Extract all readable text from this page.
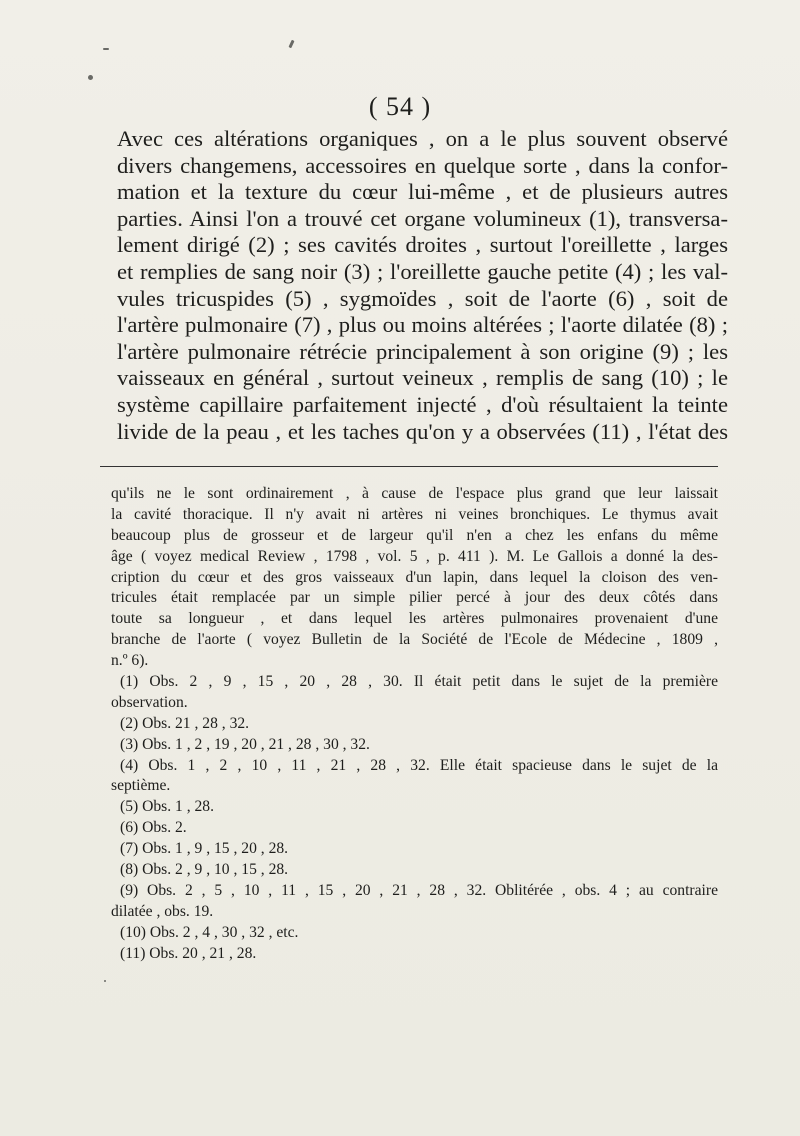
( 54 )
Avec ces altérations organiques , on a le plus souvent observé
divers changemens, accessoires en quelque sorte , dans la confor-
mation et la texture du cœur lui-même , et de plusieurs autres
parties. Ainsi l'on a trouvé cet organe volumineux (1), transversa-
lement dirigé (2) ; ses cavités droites , surtout l'oreillette , larges
et remplies de sang noir (3) ; l'oreillette gauche petite (4) ; les val-
vules tricuspides (5) , sygmoïdes , soit de l'aorte (6) , soit de
l'artère pulmonaire (7) , plus ou moins altérées ; l'aorte dilatée (8) ;
l'artère pulmonaire rétrécie principalement à son origine (9) ; les
vaisseaux en général , surtout veineux , remplis de sang (10) ; le
système capillaire parfaitement injecté , d'où résultaient la teinte
livide de la peau , et les taches qu'on y a observées (11) , l'état des
qu'ils ne le sont ordinairement , à cause de l'espace plus grand que leur laissait
la cavité thoracique. Il n'y avait ni artères ni veines bronchiques. Le thymus avait
beaucoup plus de grosseur et de largeur qu'il n'en a chez les enfans du même
âge ( voyez medical Review , 1798 , vol. 5 , p. 411 ). M. Le Gallois a donné la des-
cription du cœur et des gros vaisseaux d'un lapin, dans lequel la cloison des ven-
tricules était remplacée par un simple pilier percé à jour des deux côtés dans
toute sa longueur , et dans lequel les artères pulmonaires provenaient d'une
branche de l'aorte ( voyez Bulletin de la Société de l'Ecole de Médecine , 1809 ,
n.º 6).
(1) Obs. 2 , 9 , 15 , 20 , 28 , 30. Il était petit dans le sujet de la première
observation.
(2) Obs. 21 , 28 , 32.
(3) Obs. 1 , 2 , 19 , 20 , 21 , 28 , 30 , 32.
(4) Obs. 1 , 2 , 10 , 11 , 21 , 28 , 32. Elle était spacieuse dans le sujet de la
septième.
(5) Obs. 1 , 28.
(6) Obs. 2.
(7) Obs. 1 , 9 , 15 , 20 , 28.
(8) Obs. 2 , 9 , 10 , 15 , 28.
(9) Obs. 2 , 5 , 10 , 11 , 15 , 20 , 21 , 28 , 32. Oblitérée , obs. 4 ; au contraire
dilatée , obs. 19.
(10) Obs. 2 , 4 , 30 , 32 , etc.
(11) Obs. 20 , 21 , 28.
